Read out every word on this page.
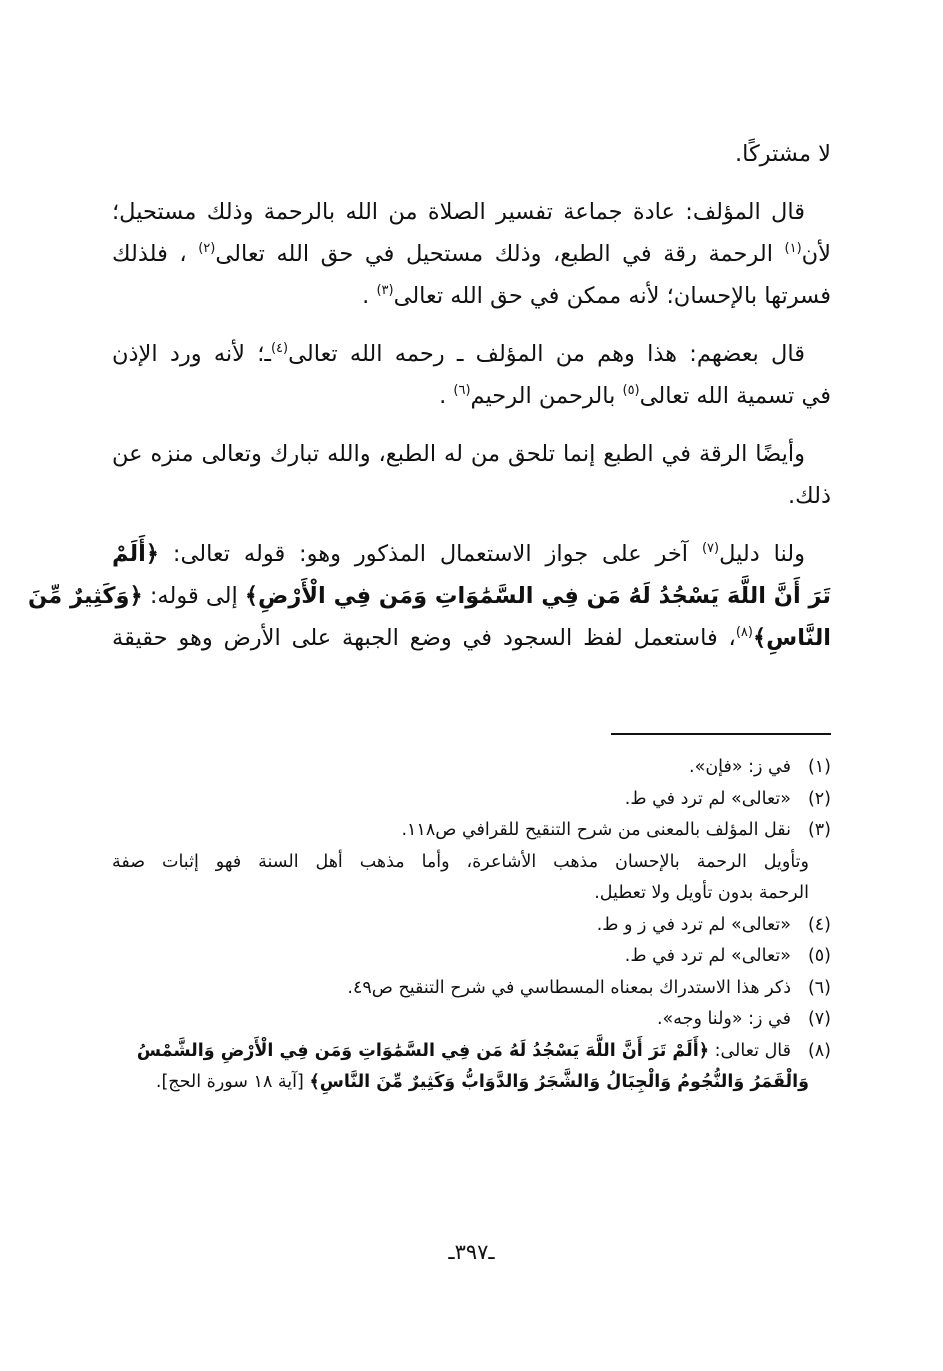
لا مشتركًا.
قال المؤلف: عادة جماعة تفسير الصلاة من الله بالرحمة وذلك مستحيل؛
لأن$^{(١)}$ الرحمة رقة في الطبع، وذلك مستحيل في حق الله تعالى$^{(٢)}$ ، فلذلك
فسرتها بالإحسان؛ لأنه ممكن في حق الله تعالى$^{(٣)}$ .
قال بعضهم: هذا وهم من المؤلف ـ رحمه الله تعالى$^{(٤)}$ـ؛ لأنه ورد الإذن
في تسمية الله تعالى$^{(٥)}$ بالرحمن الرحيم$^{(٦)}$ .
وأيضًا الرقة في الطبع إنما تلحق من له الطبع، والله تبارك وتعالى منزه عن
ذلك.
ولنا دليل$^{(٧)}$ آخر على جواز الاستعمال المذكور وهو: قوله تعالى: ﴿أَلَمْ
تَرَ أَنَّ اللَّهَ يَسْجُدُ لَهُ مَن فِي السَّمَٰوَاتِ وَمَن فِي الْأَرْضِ﴾ إلى قوله: ﴿وَكَثِيرٌ مِّنَ
النَّاسِ﴾$^{(٨)}$، فاستعمل لفظ السجود في وضع الجبهة على الأرض وهو حقيقة
(١)
في ز: «فإن».
(٢)
«تعالى» لم ترد في ط.
(٣)
نقل المؤلف بالمعنى من شرح التنقيح للقرافي ص١١٨.
وتأويل الرحمة بالإحسان مذهب الأشاعرة، وأما مذهب أهل السنة فهو إثبات صفة
الرحمة بدون تأويل ولا تعطيل.
(٤)
«تعالى» لم ترد في ز و ط.
(٥)
«تعالى» لم ترد في ط.
(٦)
ذكر هذا الاستدراك بمعناه المسطاسي في شرح التنقيح ص٤٩.
(٧)
في ز: «ولنا وجه».
(٨)
قال تعالى: ﴿أَلَمْ تَرَ أَنَّ اللَّهَ يَسْجُدُ لَهُ مَن فِي السَّمَٰوَاتِ وَمَن فِي الْأَرْضِ وَالشَّمْسُ
وَالْقَمَرُ وَالنُّجُومُ وَالْجِبَالُ وَالشَّجَرُ وَالدَّوَابُّ وَكَثِيرٌ مِّنَ النَّاسِ﴾ [آية ١٨ سورة الحج].
ـ٣٩٧ـ
